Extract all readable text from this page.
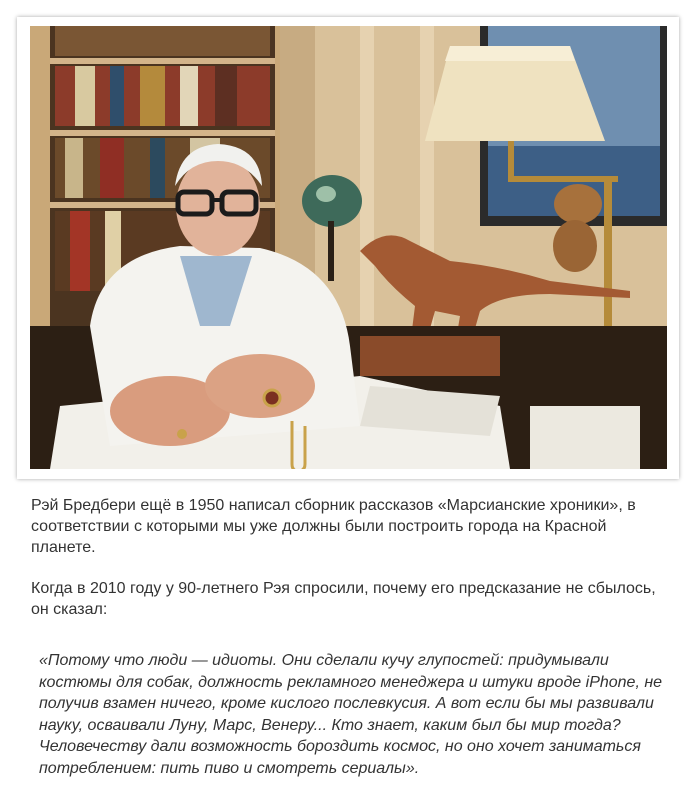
Рэй Бредбери ещё в 1950 написал сборник рассказов «Марсианские хроники», в соответствии с которыми мы уже должны были построить города на Красной планете.

Когда в 2010 году у 90-летнего Рэя спросили, почему его предсказание не сбылось, он сказал:

«Потому что люди — идиоты. Они сделали кучу глупостей: придумывали костюмы для собак, должность рекламного менеджера и штуки вроде iPhone, не получив взамен ничего, кроме кислого послевкусия. А вот если бы мы развивали науку, осваивали Луну, Марс, Венеру... Кто знает, каким был бы мир тогда? Человечеству дали возможность бороздить космос, но оно хочет заниматься потреблением: пить пиво и смотреть сериалы».
